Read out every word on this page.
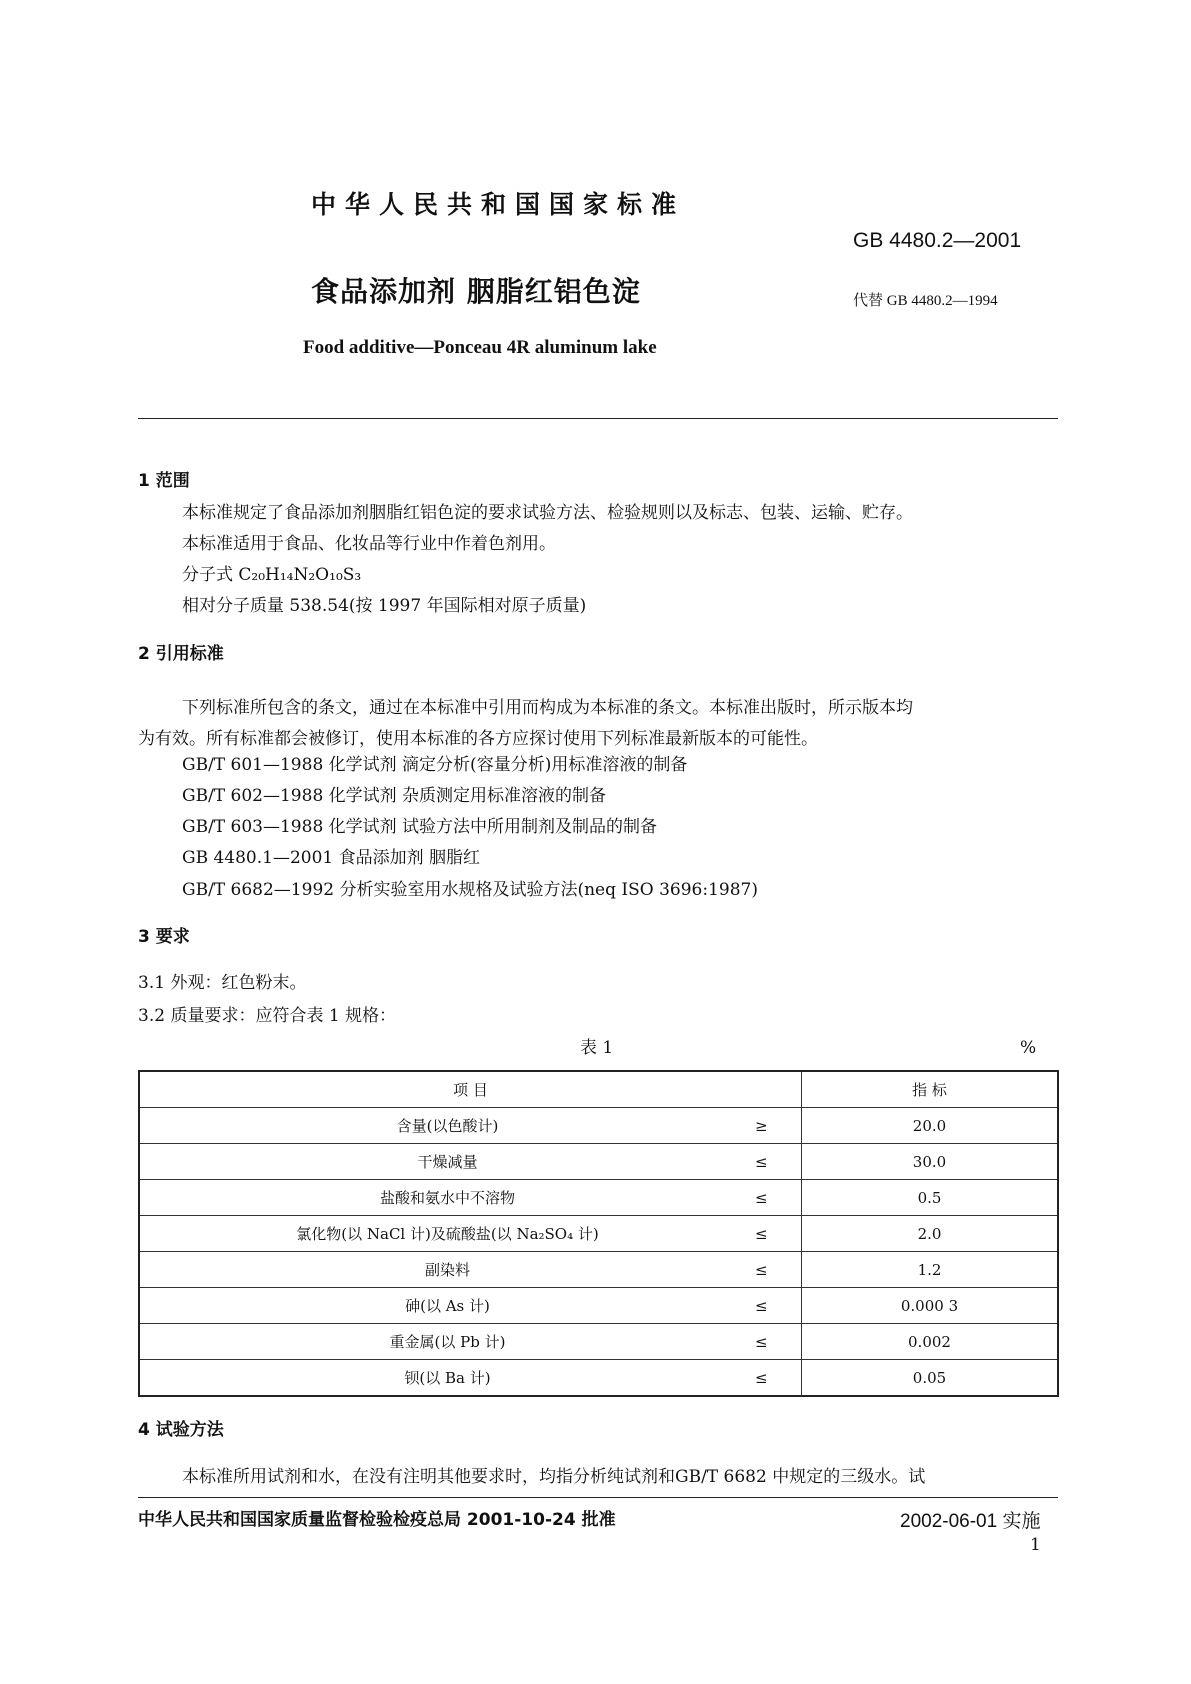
中华人民共和国国家标准
GB 4480.2—2001
食品添加剂 胭脂红铝色淀	代替 GB 4480.2—1994
Food additive—Ponceau 4R aluminum lake
1 范围
本标准规定了食品添加剂胭脂红铝色淀的要求试验方法、检验规则以及标志、包装、运输、贮存。
本标准适用于食品、化妆品等行业中作着色剂用。
分子式 C₂₀H₁₄N₂O₁₀S₃
相对分子质量 538.54(按 1997 年国际相对原子质量)
2 引用标准
下列标准所包含的条文，通过在本标准中引用而构成为本标准的条文。本标准出版时，所示版本均
为有效。所有标准都会被修订，使用本标准的各方应探讨使用下列标准最新版本的可能性。
GB/T 601—1988 化学试剂 滴定分析(容量分析)用标准溶液的制备
GB/T 602—1988 化学试剂 杂质测定用标准溶液的制备
GB/T 603—1988 化学试剂 试验方法中所用制剂及制品的制备
GB 4480.1—2001 食品添加剂 胭脂红
GB/T 6682—1992 分析实验室用水规格及试验方法(neq ISO 3696:1987)
3 要求
3.1 外观：红色粉末。
3.2 质量要求：应符合表 1 规格：
表 1	%
项 目		指 标
含量(以色酸计)	≥	20.0
干燥减量	≤	30.0
盐酸和氨水中不溶物	≤	0.5
氯化物(以 NaCl 计)及硫酸盐(以 Na₂SO₄ 计)	≤	2.0
副染料	≤	1.2
砷(以 As 计)	≤	0.000 3
重金属(以 Pb 计)	≤	0.002
钡(以 Ba 计)	≤	0.05
4 试验方法
本标准所用试剂和水，在没有注明其他要求时，均指分析纯试剂和GB/T 6682 中规定的三级水。试
中华人民共和国国家质量监督检验检疫总局 2001-10-24 批准	2002-06-01 实施
1
